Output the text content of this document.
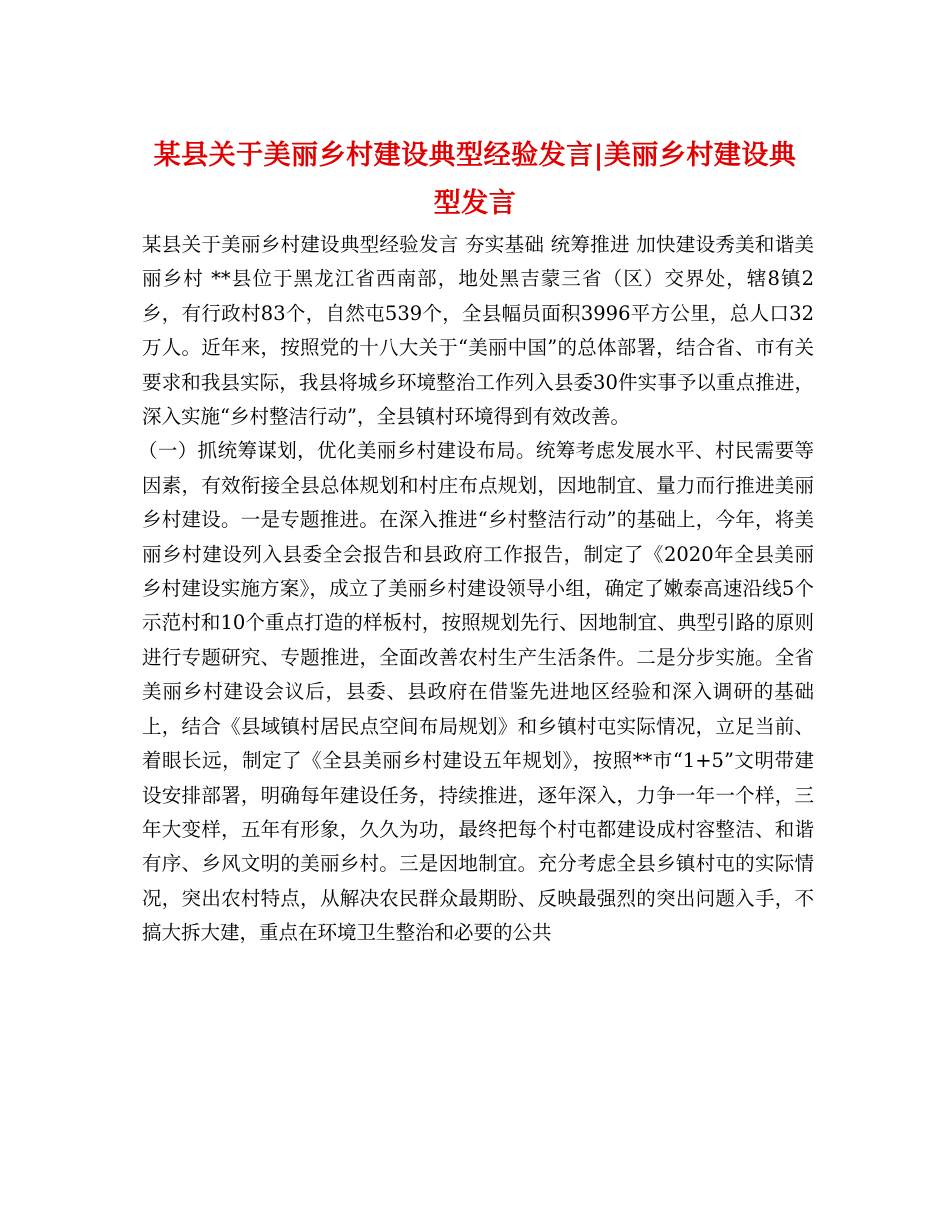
某县关于美丽乡村建设典型经验发言|美丽乡村建设典型发言

某县关于美丽乡村建设典型经验发言 夯实基础 统筹推进 加快建设秀美和谐美丽乡村 **县位于黑龙江省西南部，地处黑吉蒙三省（区）交界处，辖8镇2乡，有行政村83个，自然屯539个，全县幅员面积3996平方公里，总人口32万人。近年来，按照党的十八大关于“美丽中国”的总体部署，结合省、市有关要求和我县实际，我县将城乡环境整治工作列入县委30件实事予以重点推进，深入实施“乡村整洁行动”，全县镇村环境得到有效改善。

（一）抓统筹谋划，优化美丽乡村建设布局。统筹考虑发展水平、村民需要等因素，有效衔接全县总体规划和村庄布点规划，因地制宜、量力而行推进美丽乡村建设。一是专题推进。在深入推进“乡村整洁行动”的基础上，今年，将美丽乡村建设列入县委全会报告和县政府工作报告，制定了《2020年全县美丽乡村建设实施方案》，成立了美丽乡村建设领导小组，确定了嫩泰高速沿线5个示范村和10个重点打造的样板村，按照规划先行、因地制宜、典型引路的原则进行专题研究、专题推进，全面改善农村生产生活条件。二是分步实施。全省美丽乡村建设会议后，县委、县政府在借鉴先进地区经验和深入调研的基础上，结合《县域镇村居民点空间布局规划》和乡镇村屯实际情况，立足当前、着眼长远，制定了《全县美丽乡村建设五年规划》，按照**市“1+5”文明带建设安排部署，明确每年建设任务，持续推进，逐年深入，力争一年一个样，三年大变样，五年有形象，久久为功，最终把每个村屯都建设成村容整洁、和谐有序、乡风文明的美丽乡村。三是因地制宜。充分考虑全县乡镇村屯的实际情况，突出农村特点，从解决农民群众最期盼、反映最强烈的突出问题入手，不搞大拆大建，重点在环境卫生整治和必要的公共
